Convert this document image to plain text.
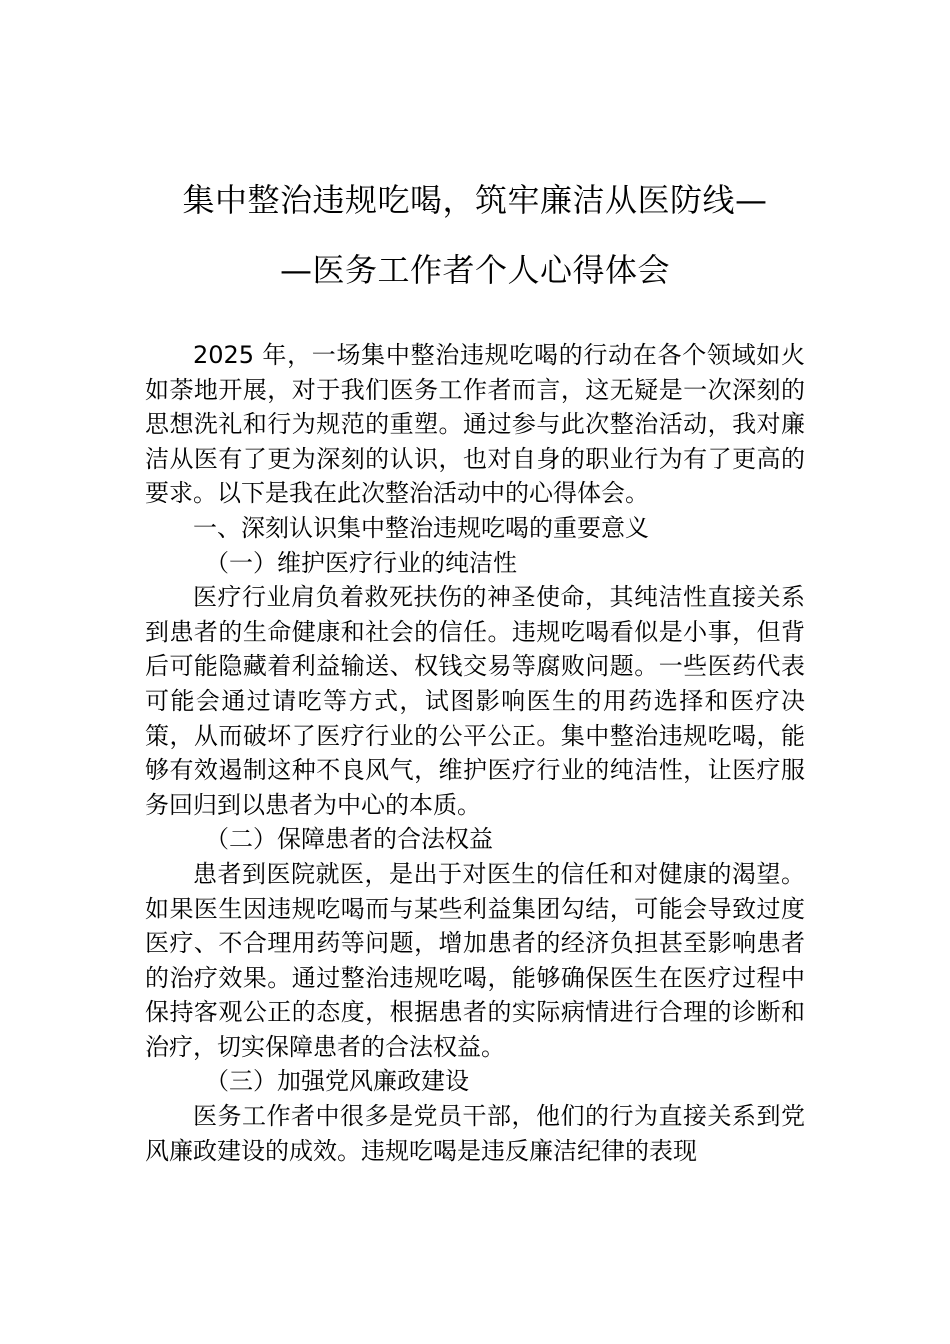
集中整治违规吃喝，筑牢廉洁从医防线—
—医务工作者个人心得体会

2025 年，一场集中整治违规吃喝的行动在各个领域如火如荼地开展，对于我们医务工作者而言，这无疑是一次深刻的思想洗礼和行为规范的重塑。通过参与此次整治活动，我对廉洁从医有了更为深刻的认识，也对自身的职业行为有了更高的要求。以下是我在此次整治活动中的心得体会。

一、深刻认识集中整治违规吃喝的重要意义

（一）维护医疗行业的纯洁性

医疗行业肩负着救死扶伤的神圣使命，其纯洁性直接关系到患者的生命健康和社会的信任。违规吃喝看似是小事，但背后可能隐藏着利益输送、权钱交易等腐败问题。一些医药代表可能会通过请吃等方式，试图影响医生的用药选择和医疗决策，从而破坏了医疗行业的公平公正。集中整治违规吃喝，能够有效遏制这种不良风气，维护医疗行业的纯洁性，让医疗服务回归到以患者为中心的本质。

（二）保障患者的合法权益

患者到医院就医，是出于对医生的信任和对健康的渴望。如果医生因违规吃喝而与某些利益集团勾结，可能会导致过度医疗、不合理用药等问题，增加患者的经济负担甚至影响患者的治疗效果。通过整治违规吃喝，能够确保医生在医疗过程中保持客观公正的态度，根据患者的实际病情进行合理的诊断和治疗，切实保障患者的合法权益。

（三）加强党风廉政建设

医务工作者中很多是党员干部，他们的行为直接关系到党风廉政建设的成效。违规吃喝是违反廉洁纪律的表现
